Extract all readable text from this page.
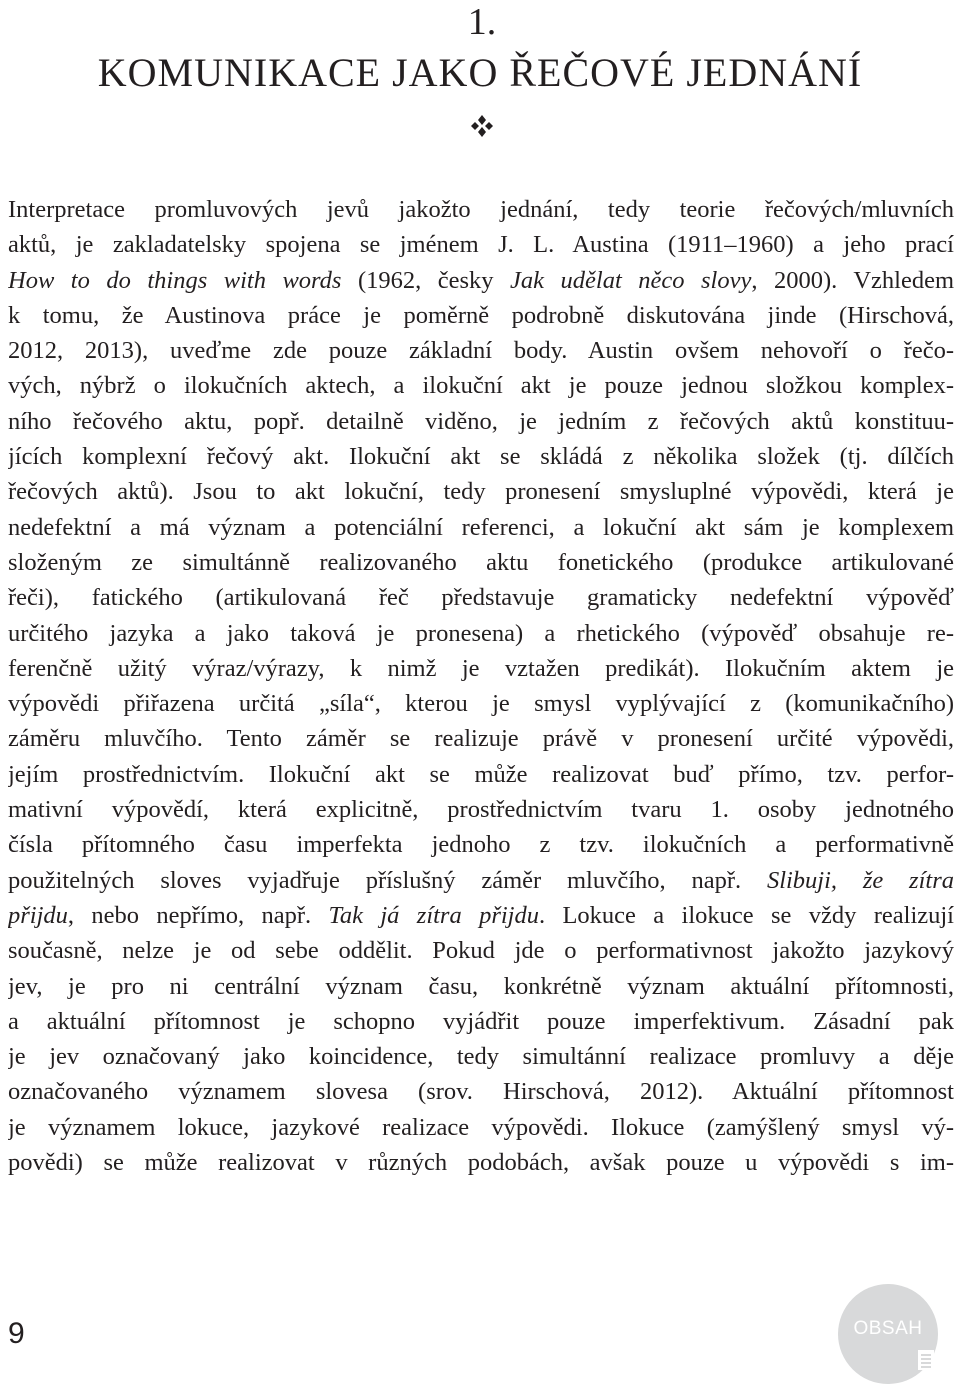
1.
KOMUNIKACE JAKO ŘEČOVÉ JEDNÁNÍ
Interpretace promluvových jevů jakožto jednání, tedy teorie řečových/mluvních
aktů, je zakladatelsky spojena se jménem J. L. Austina (1911–1960) a jeho prací
How to do things with words (1962, česky Jak udělat něco slovy, 2000). Vzhledem
k tomu, že Austinova práce je poměrně podrobně diskutována jinde (Hirschová,
2012, 2013), uveďme zde pouze základní body. Austin ovšem nehovoří o řečo-
vých, nýbrž o ilokučních aktech, a ilokuční akt je pouze jednou složkou komplex-
ního řečového aktu, popř. detailně viděno, je jedním z řečových aktů konstituu-
jících komplexní řečový akt. Ilokuční akt se skládá z několika složek (tj. dílčích
řečových aktů). Jsou to akt lokuční, tedy pronesení smysluplné výpovědi, která je
nedefektní a má význam a potenciální referenci, a lokuční akt sám je komplexem
složeným ze simultánně realizovaného aktu fonetického (produkce artikulované
řeči), fatického (artikulovaná řeč představuje gramaticky nedefektní výpověď
určitého jazyka a jako taková je pronesena) a rhetického (výpověď obsahuje re-
ferenčně užitý výraz/výrazy, k nimž je vztažen predikát). Ilokučním aktem je
výpovědi přiřazena určitá „síla“, kterou je smysl vyplývající z (komunikačního)
záměru mluvčího. Tento záměr se realizuje právě v pronesení určité výpovědi,
jejím prostřednictvím. Ilokuční akt se může realizovat buď přímo, tzv. perfor-
mativní výpovědí, která explicitně, prostřednictvím tvaru 1. osoby jednotného
čísla přítomného času imperfekta jednoho z tzv. ilokučních a performativně
použitelných sloves vyjadřuje příslušný záměr mluvčího, např. Slibuji, že zítra
přijdu, nebo nepřímo, např. Tak já zítra přijdu. Lokuce a ilokuce se vždy realizují
současně, nelze je od sebe oddělit. Pokud jde o performativnost jakožto jazykový
jev, je pro ni centrální význam času, konkrétně význam aktuální přítomnosti,
a aktuální přítomnost je schopno vyjádřit pouze imperfektivum. Zásadní pak
je jev označovaný jako koincidence, tedy simultánní realizace promluvy a děje
označovaného významem slovesa (srov. Hirschová, 2012). Aktuální přítomnost
je významem lokuce, jazykové realizace výpovědi. Ilokuce (zamýšlený smysl vý-
povědi) se může realizovat v různých podobách, avšak pouze u výpovědi s im-
9	OBSAH
